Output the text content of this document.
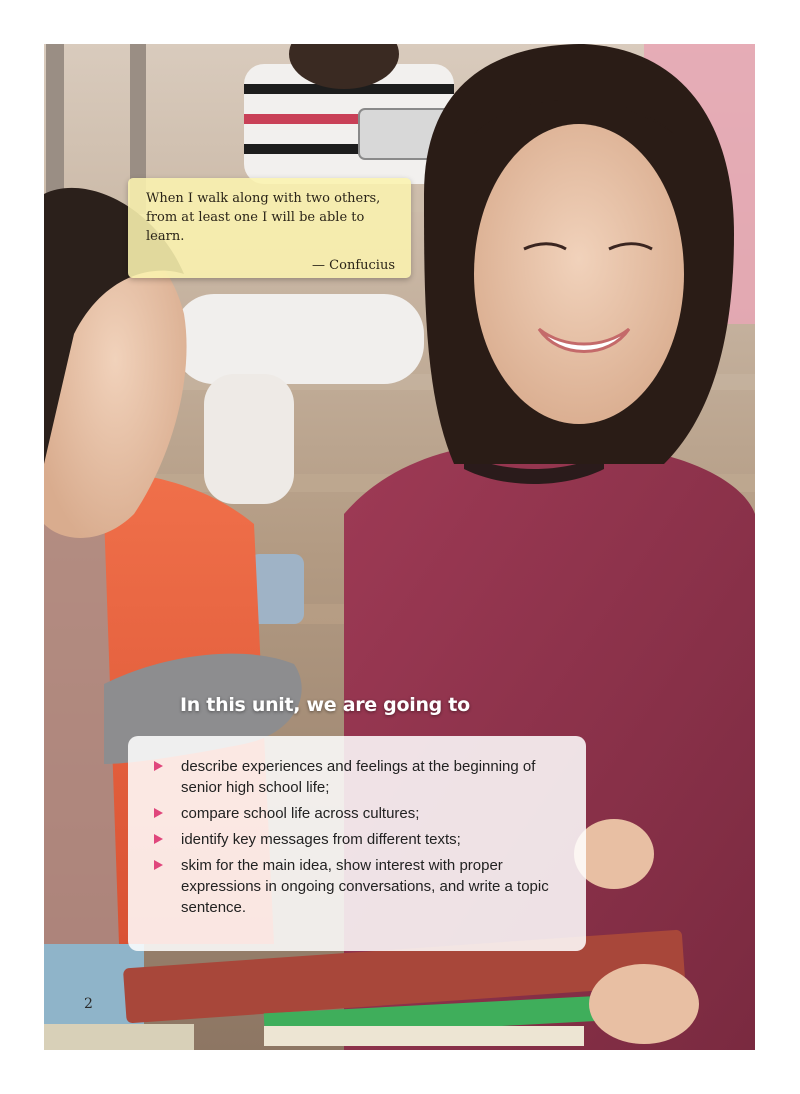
When I walk along with two others, from at least one I will be able to learn.

— Confucius
In this unit, we are going to
describe experiences and feelings at the beginning of senior high school life;
compare school life across cultures;
identify key messages from different texts;
skim for the main idea, show interest with proper expressions in ongoing conversations, and write a topic sentence.
2
